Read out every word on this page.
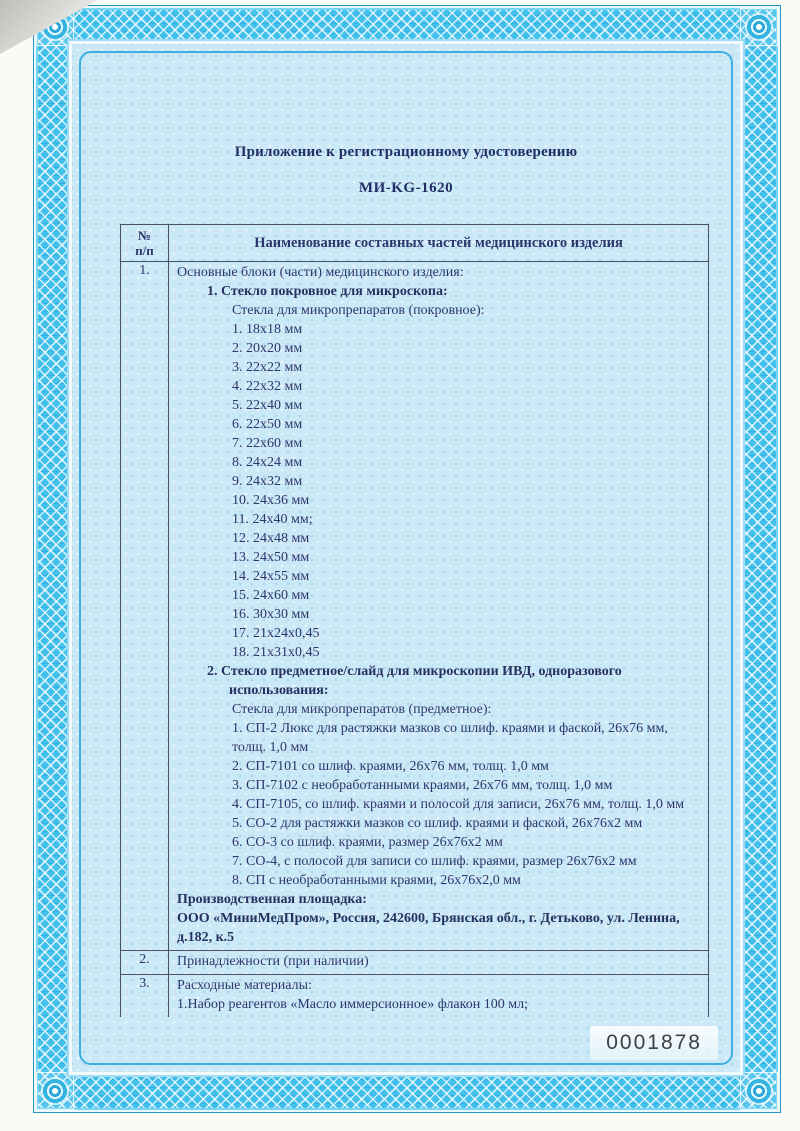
Приложение к регистрационному удостоверению
МИ-KG-1620
№
п/п	Наименование составных частей медицинского изделия
1.	Основные блоки (части) медицинского изделия:
1. Стекло покровное для микроскопа:
Стекла для микропрепаратов (покровное):
1. 18х18 мм
2. 20х20 мм
3. 22х22 мм
4. 22х32 мм
5. 22х40 мм
6. 22х50 мм
7. 22х60 мм
8. 24х24 мм
9. 24х32 мм
10. 24х36 мм
11. 24х40 мм;
12. 24х48 мм
13. 24х50 мм
14. 24х55 мм
15. 24х60 мм
16. 30х30 мм
17. 21х24х0,45
18. 21х31х0,45
2. Стекло предметное/слайд для микроскопии ИВД, одноразового использования:
Стекла для микропрепаратов (предметное):
1. СП-2 Люкс для растяжки мазков со шлиф. краями и фаской, 26х76 мм, толщ. 1,0 мм
2. СП-7101 со шлиф. краями, 26х76 мм, толщ. 1,0 мм
3. СП-7102 с необработанными краями, 26х76 мм, толщ. 1,0 мм
4. СП-7105, со шлиф. краями и полосой для записи, 26х76 мм, толщ. 1,0 мм
5. СО-2 для растяжки мазков со шлиф. краями и фаской, 26х76х2 мм
6. СО-3 со шлиф. краями, размер 26х76х2 мм
7. СО-4, с полосой для записи со шлиф. краями, размер 26х76х2 мм
8. СП с необработанными краями, 26х76х2,0 мм
Производственная площадка:
ООО «МиниМедПром», Россия, 242600, Брянская обл., г. Детьково, ул. Ленина, д.182, к.5

2.	Принадлежности (при наличии)

3.	Расходные материалы:
1.Набор реагентов «Масло иммерсионное» флакон 100 мл;
0001878
